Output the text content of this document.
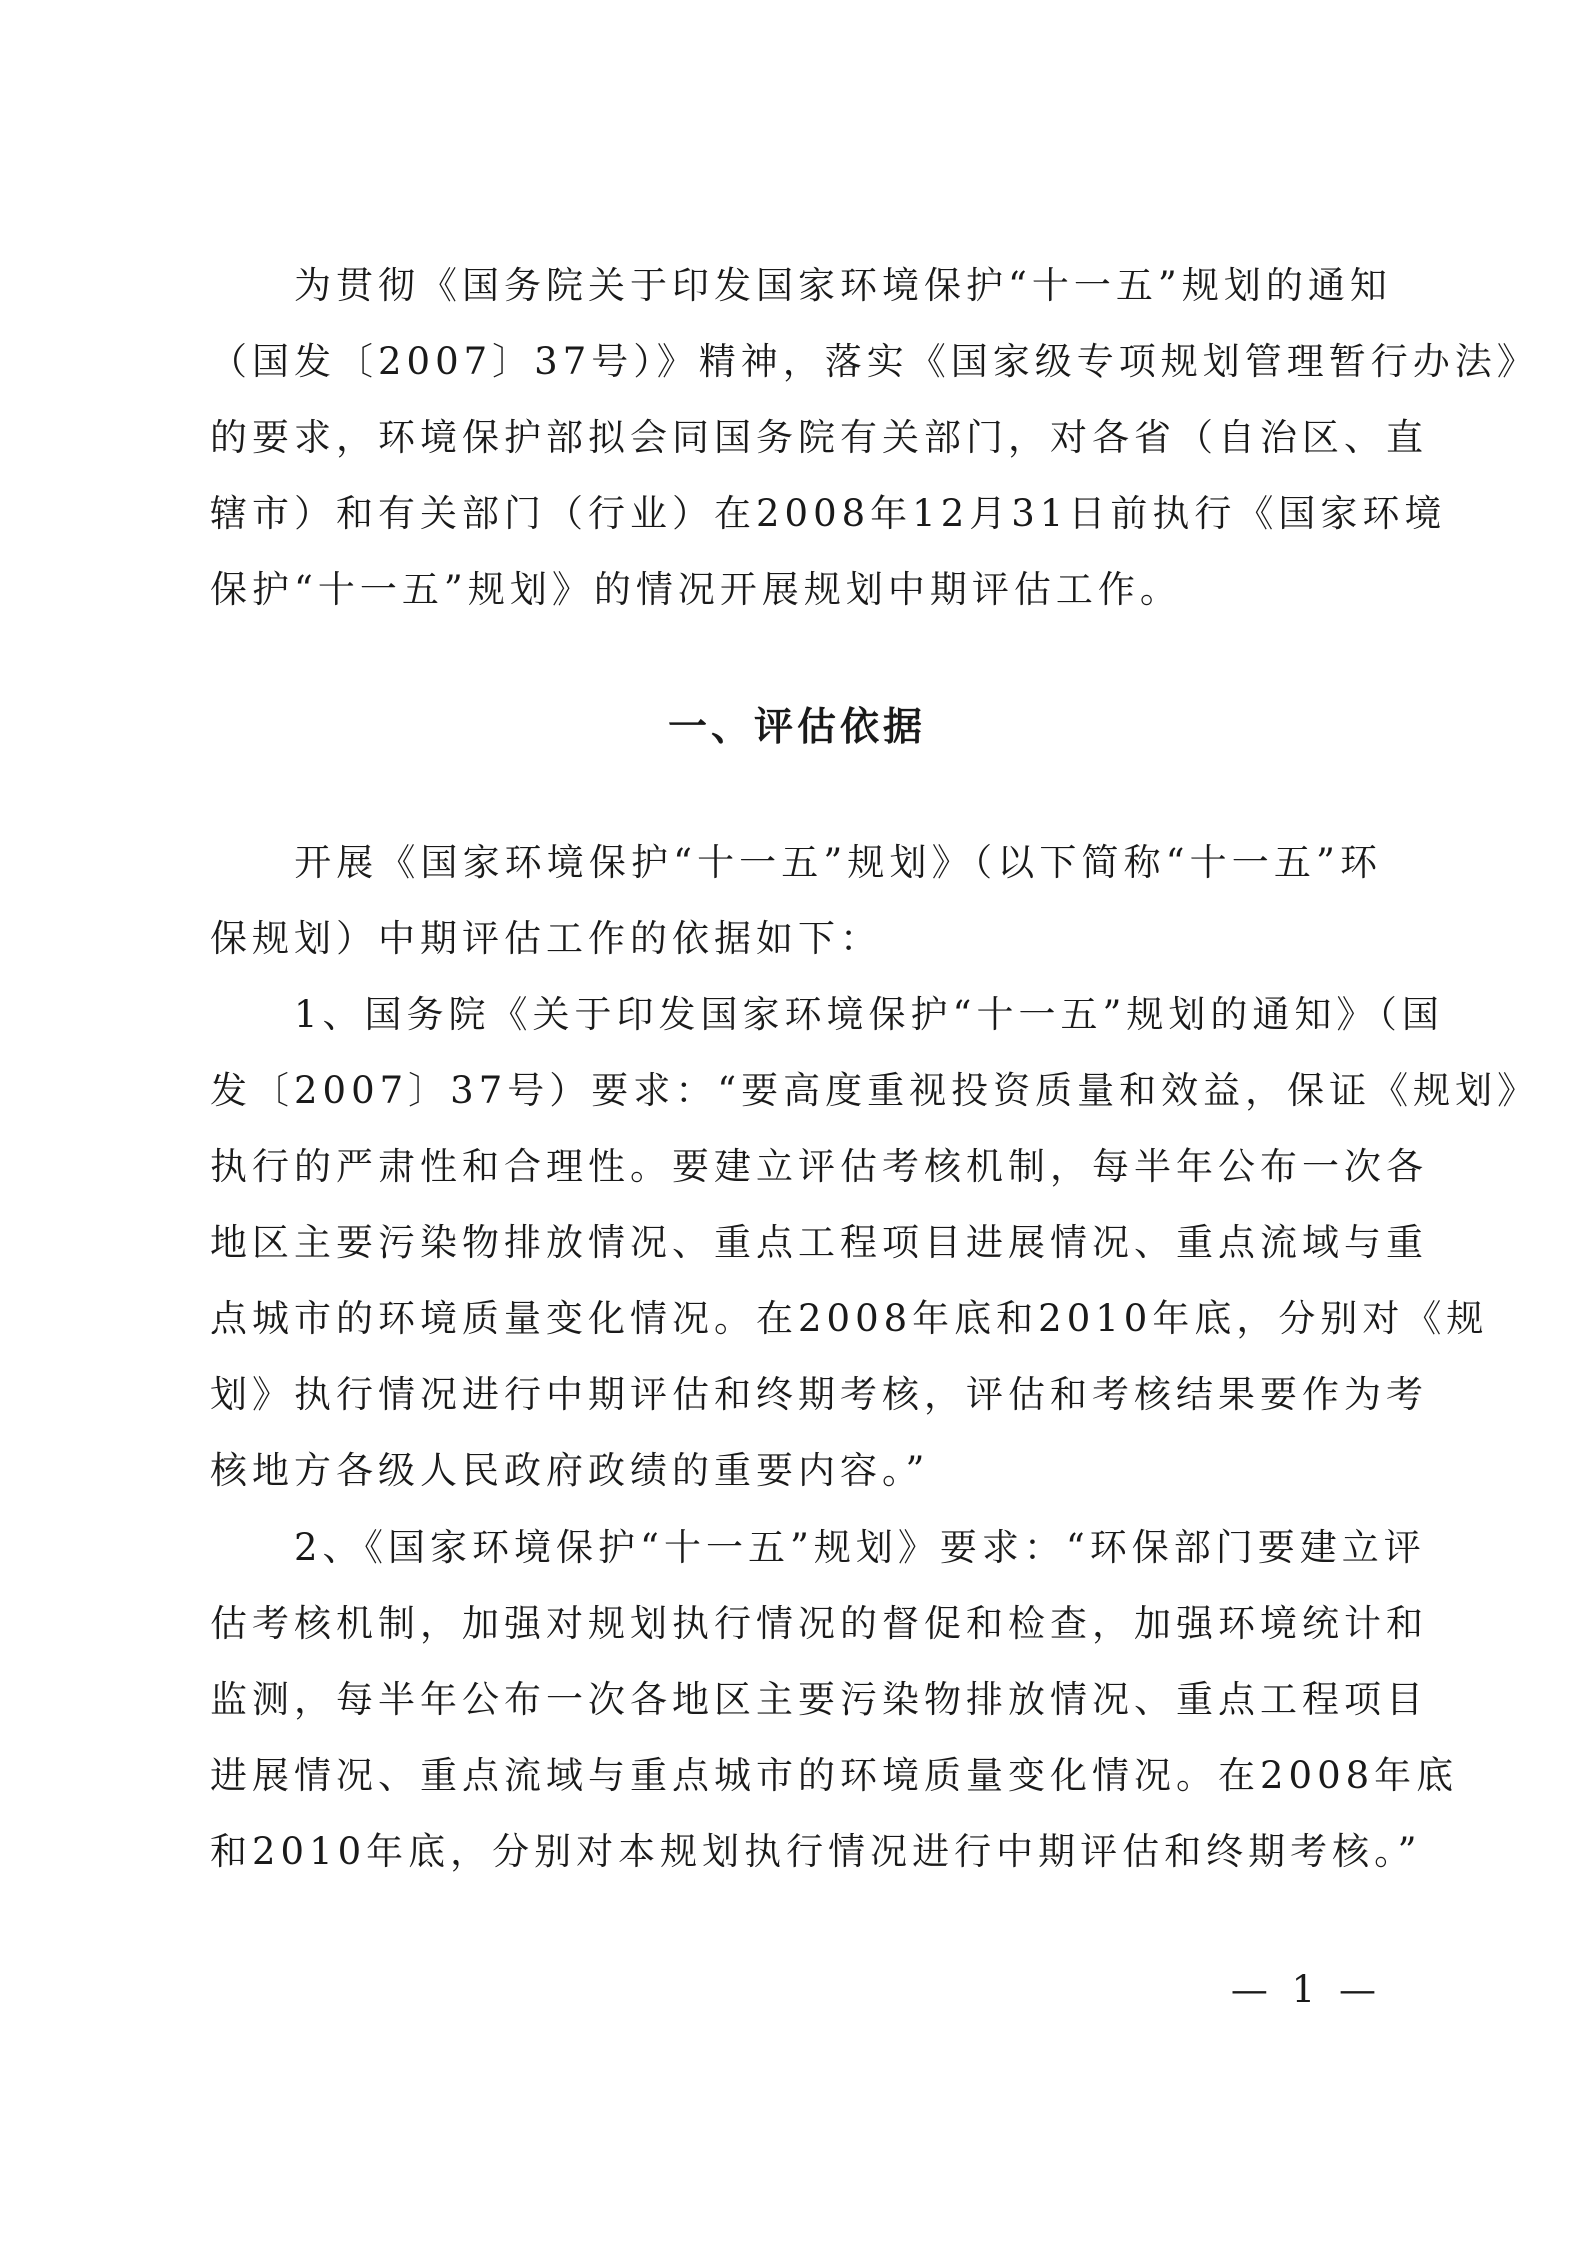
　　为贯彻《国务院关于印发国家环境保护“十一五”规划的通知
（国发〔2007〕37号）》精神，落实《国家级专项规划管理暂行办法》
的要求，环境保护部拟会同国务院有关部门，对各省（自治区、直
辖市）和有关部门（行业）在2008年12月31日前执行《国家环境
保护“十一五”规划》的情况开展规划中期评估工作。
一、评估依据
　　开展《国家环境保护“十一五”规划》（以下简称“十一五”环
保规划）中期评估工作的依据如下：
　　1、国务院《关于印发国家环境保护“十一五”规划的通知》（国
发〔2007〕37号）要求：“要高度重视投资质量和效益，保证《规划》
执行的严肃性和合理性。要建立评估考核机制，每半年公布一次各
地区主要污染物排放情况、重点工程项目进展情况、重点流域与重
点城市的环境质量变化情况。在2008年底和2010年底，分别对《规
划》执行情况进行中期评估和终期考核，评估和考核结果要作为考
核地方各级人民政府政绩的重要内容。”
　　2、《国家环境保护“十一五”规划》要求：“环保部门要建立评
估考核机制，加强对规划执行情况的督促和检查，加强环境统计和
监测，每半年公布一次各地区主要污染物排放情况、重点工程项目
进展情况、重点流域与重点城市的环境质量变化情况。在2008年底
和2010年底，分别对本规划执行情况进行中期评估和终期考核。”
— 1 —
